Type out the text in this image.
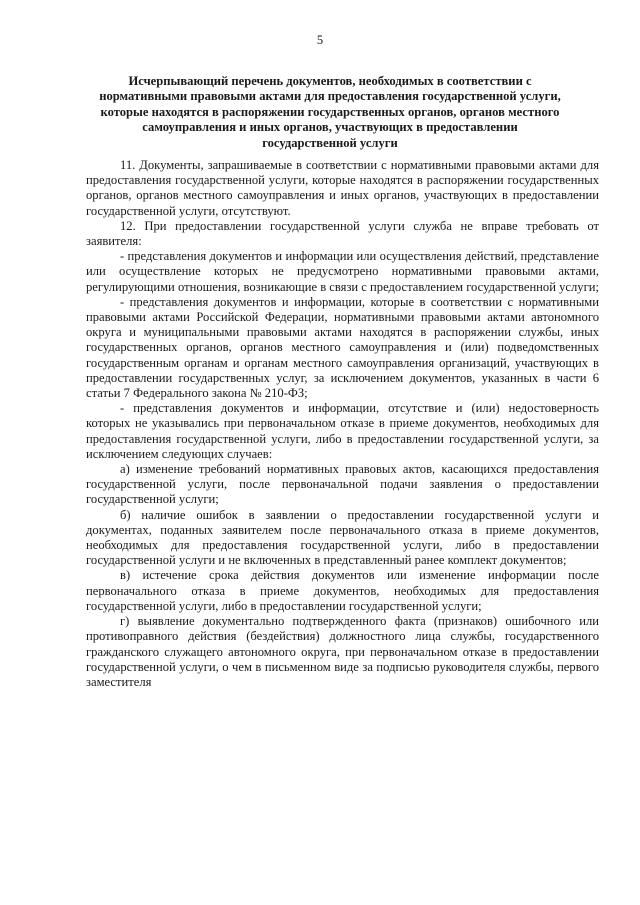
5
Исчерпывающий перечень документов, необходимых в соответствии с нормативными правовыми актами для предоставления государственной услуги, которые находятся в распоряжении государственных органов, органов местного самоуправления и иных органов, участвующих в предоставлении государственной услуги

11. Документы, запрашиваемые в соответствии с нормативными правовыми актами для предоставления государственной услуги, которые находятся в распоряжении государственных органов, органов местного самоуправления и иных органов, участвующих в предоставлении государственной услуги, отсутствуют.

12. При предоставлении государственной услуги служба не вправе требовать от заявителя:

- представления документов и информации или осуществления действий, представление или осуществление которых не предусмотрено нормативными правовыми актами, регулирующими отношения, возникающие в связи с предоставлением государственной услуги;

- представления документов и информации, которые в соответствии с нормативными правовыми актами Российской Федерации, нормативными правовыми актами автономного округа и муниципальными правовыми актами находятся в распоряжении службы, иных государственных органов, органов местного самоуправления и (или) подведомственных государственным органам и органам местного самоуправления организаций, участвующих в предоставлении государственных услуг, за исключением документов, указанных в части 6 статьи 7 Федерального закона № 210-ФЗ;

- представления документов и информации, отсутствие и (или) недостоверность которых не указывались при первоначальном отказе в приеме документов, необходимых для предоставления государственной услуги, либо в предоставлении государственной услуги, за исключением следующих случаев:

а) изменение требований нормативных правовых актов, касающихся предоставления государственной услуги, после первоначальной подачи заявления о предоставлении государственной услуги;

б) наличие ошибок в заявлении о предоставлении государственной услуги и документах, поданных заявителем после первоначального отказа в приеме документов, необходимых для предоставления государственной услуги, либо в предоставлении государственной услуги и не включенных в представленный ранее комплект документов;

в) истечение срока действия документов или изменение информации после первоначального отказа в приеме документов, необходимых для предоставления государственной услуги, либо в предоставлении государственной услуги;

г) выявление документально подтвержденного факта (признаков) ошибочного или противоправного действия (бездействия) должностного лица службы, государственного гражданского служащего автономного округа, при первоначальном отказе в предоставлении государственной услуги, о чем в письменном виде за подписью руководителя службы, первого заместителя
